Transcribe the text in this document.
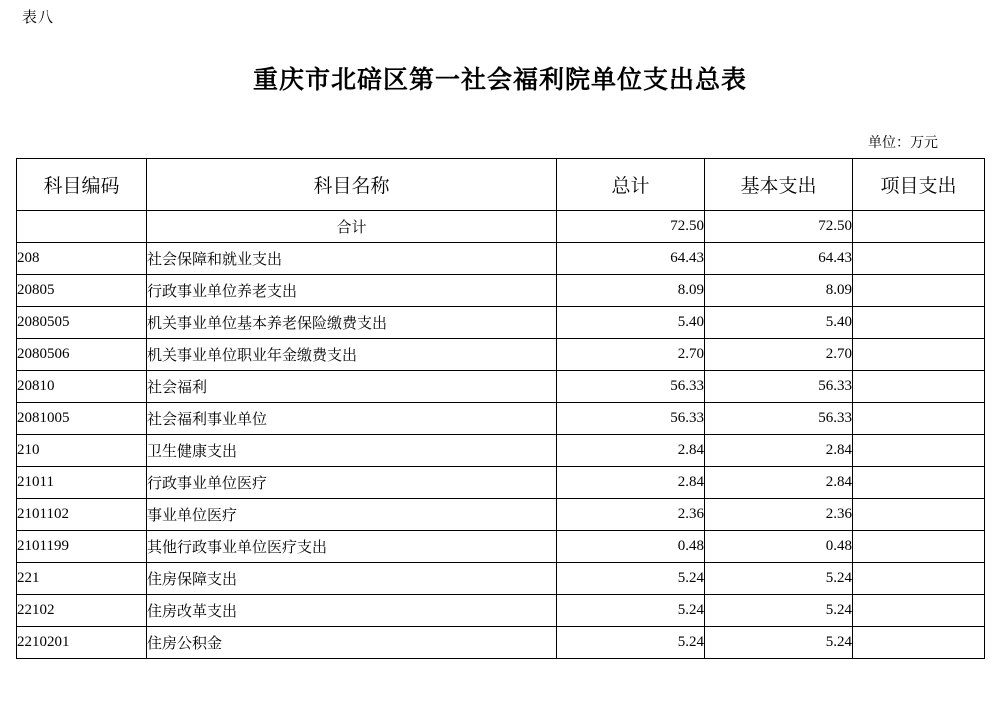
表八
重庆市北碚区第一社会福利院单位支出总表
单位：万元
科目编码	科目名称	总计	基本支出	项目支出
	合计	72.50	72.50	
208	社会保障和就业支出	64.43	64.43	
20805	行政事业单位养老支出	8.09	8.09	
2080505	机关事业单位基本养老保险缴费支出	5.40	5.40	
2080506	机关事业单位职业年金缴费支出	2.70	2.70	
20810	社会福利	56.33	56.33	
2081005	社会福利事业单位	56.33	56.33	
210	卫生健康支出	2.84	2.84	
21011	行政事业单位医疗	2.84	2.84	
2101102	事业单位医疗	2.36	2.36	
2101199	其他行政事业单位医疗支出	0.48	0.48	
221	住房保障支出	5.24	5.24	
22102	住房改革支出	5.24	5.24	
2210201	住房公积金	5.24	5.24	
